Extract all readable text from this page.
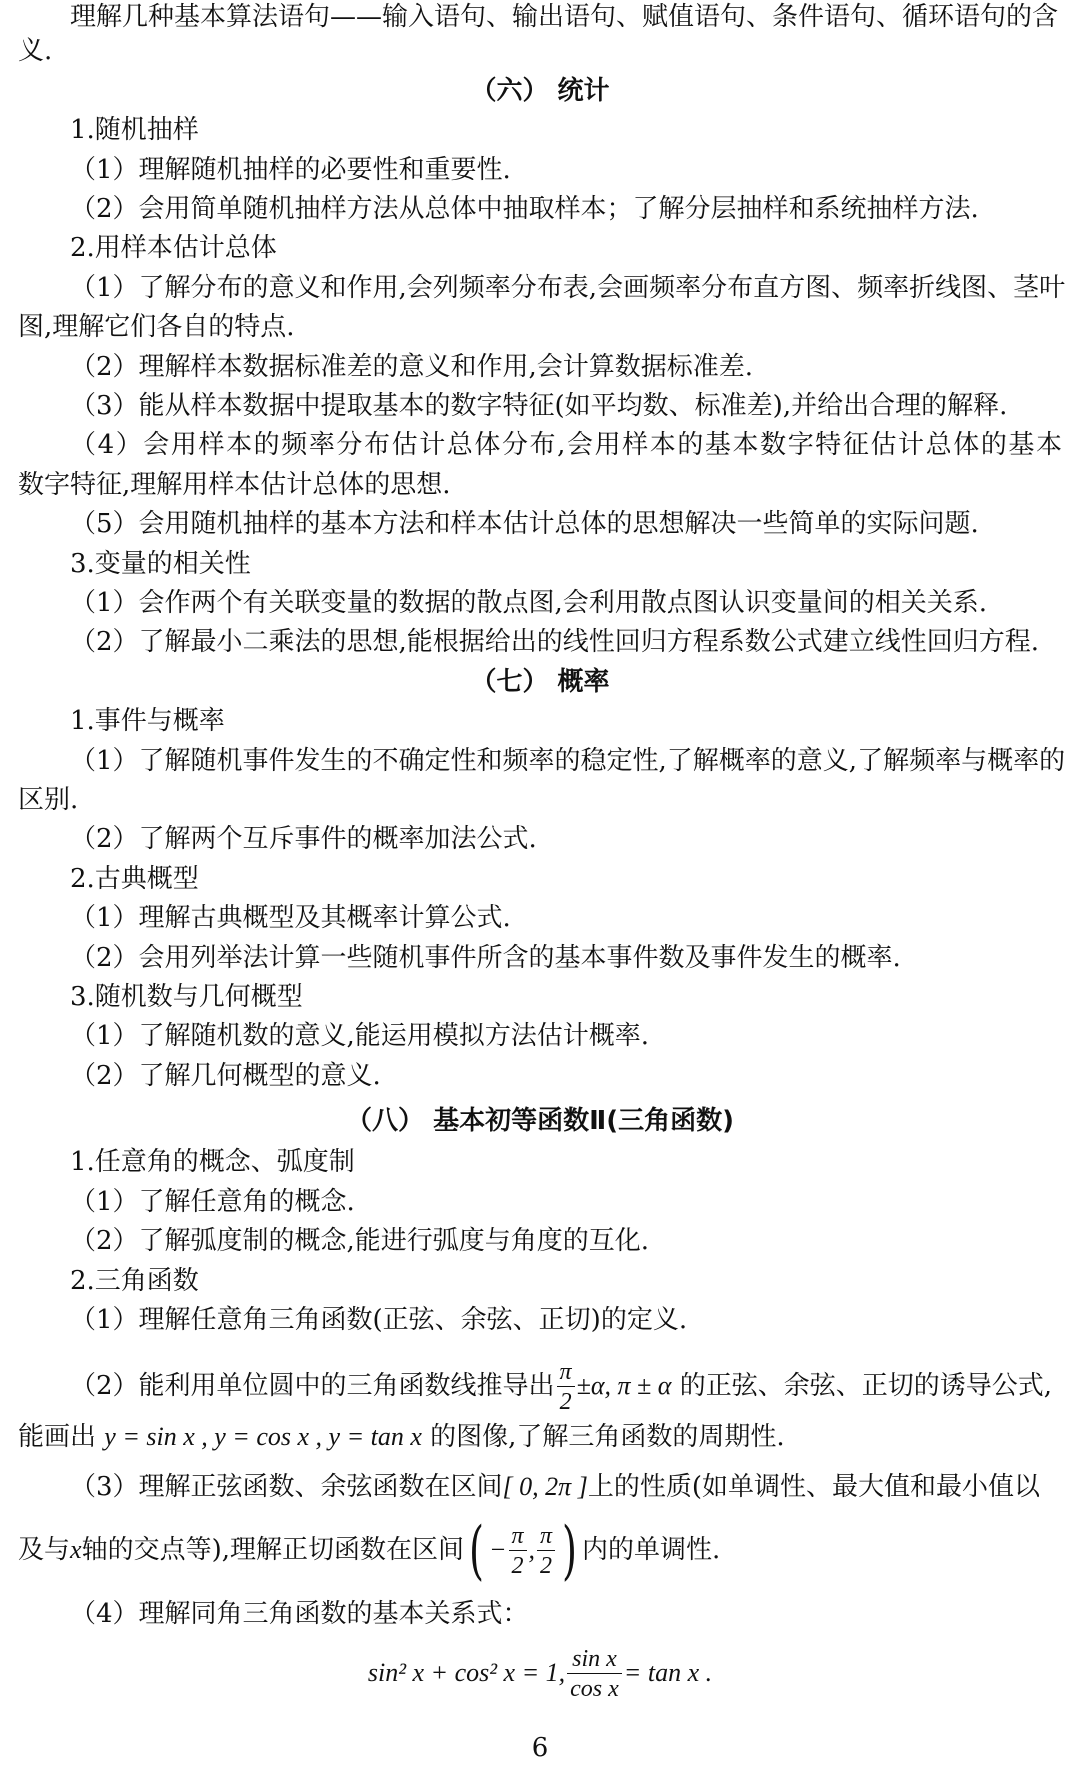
理解几种基本算法语句——输入语句、输出语句、赋值语句、条件语句、循环语句的含
义.
（六） 统计
1.随机抽样
（1）理解随机抽样的必要性和重要性.
（2）会用简单随机抽样方法从总体中抽取样本；了解分层抽样和系统抽样方法.
2.用样本估计总体
（1）了解分布的意义和作用,会列频率分布表,会画频率分布直方图、频率折线图、茎叶
图,理解它们各自的特点.
（2）理解样本数据标准差的意义和作用,会计算数据标准差.
（3）能从样本数据中提取基本的数字特征(如平均数、标准差),并给出合理的解释.
（4）会用样本的频率分布估计总体分布,会用样本的基本数字特征估计总体的基本
数字特征,理解用样本估计总体的思想.
（5）会用随机抽样的基本方法和样本估计总体的思想解决一些简单的实际问题.
3.变量的相关性
（1）会作两个有关联变量的数据的散点图,会利用散点图认识变量间的相关关系.
（2）了解最小二乘法的思想,能根据给出的线性回归方程系数公式建立线性回归方程.
（七） 概率
1.事件与概率
（1）了解随机事件发生的不确定性和频率的稳定性,了解概率的意义,了解频率与概率的
区别.
（2）了解两个互斥事件的概率加法公式.
2.古典概型
（1）理解古典概型及其概率计算公式.
（2）会用列举法计算一些随机事件所含的基本事件数及事件发生的概率.
3.随机数与几何概型
（1）了解随机数的意义,能运用模拟方法估计概率.
（2）了解几何概型的意义.
（八） 基本初等函数Ⅱ(三角函数)
1.任意角的概念、弧度制
（1）了解任意角的概念.
（2）了解弧度制的概念,能进行弧度与角度的互化.
2.三角函数
（1）理解任意角三角函数(正弦、余弦、正切)的定义.
（2）能利用单位圆中的三角函数线推导出 $\frac{\pi}{2} \pm\alpha$, π ± α 的正弦、余弦、正切的诱导公式,
能画出 y = sin x , y = cos x , y = tan x 的图像,了解三角函数的周期性.
（3）理解正弦函数、余弦函数在区间[ 0, 2π ]上的性质(如单调性、最大值和最小值以
及与x轴的交点等),理解正切函数在区间( − $\frac{\pi}{2}$ , $\frac{\pi}{2}$ ) 内的单调性.
（4）理解同角三角函数的基本关系式：
sin² x + cos² x = 1, $\frac{\text{sin x}}{\text{cos x}} = \tan x$ .
6
